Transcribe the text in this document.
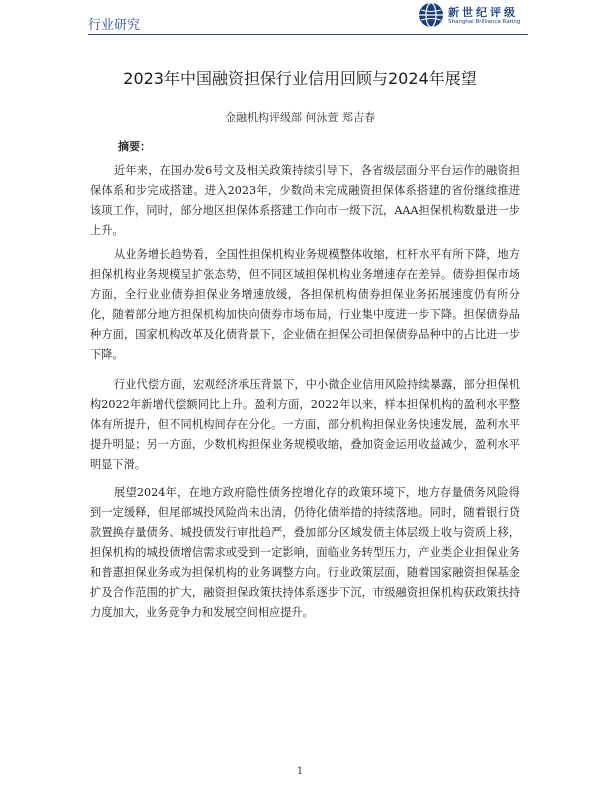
行业研究
新世纪评级
Shanghai Brilliance Rating
2023年中国融资担保行业信用回顾与2024年展望
金融机构评级部 何泳萱 郑吉春
摘要：

近年来，在国办发6号文及相关政策持续引导下，各省级层面分平台运作的融资担保体系和步完成搭建。进入2023年，少数尚未完成融资担保体系搭建的省份继续推进该项工作，同时，部分地区担保体系搭建工作向市一级下沉，AAA担保机构数量进一步上升。

从业务增长趋势看，全国性担保机构业务规模整体收缩，杠杆水平有所下降，地方担保机构业务规模呈扩张态势，但不同区域担保机构业务增速存在差异。债券担保市场方面，全行业业债券担保业务增速放缓，各担保机构债券担保业务拓展速度仍有所分化，随着部分地方担保机构加快向债券市场布局，行业集中度进一步下降。担保债券品种方面，国家机构改革及化债背景下，企业债在担保公司担保债券品种中的占比进一步下降。

行业代偿方面，宏观经济承压背景下，中小微企业信用风险持续暴露，部分担保机构2022年新增代偿额同比上升。盈利方面，2022年以来，样本担保机构的盈利水平整体有所提升，但不同机构间存在分化。一方面，部分机构担保业务快速发展，盈利水平提升明显；另一方面，少数机构担保业务规模收缩，叠加资金运用收益减少，盈利水平明显下滑。

展望2024年，在地方政府隐性债务控增化存的政策环境下，地方存量债务风险得到一定缓释，但尾部城投风险尚未出清，仍待化债举措的持续落地。同时，随着银行贷款置换存量债务、城投债发行审批趋严，叠加部分区域发债主体层级上收与资质上移，担保机构的城投债增信需求或受到一定影响，面临业务转型压力，产业类企业担保业务和普惠担保业务或为担保机构的业务调整方向。行业政策层面，随着国家融资担保基金扩及合作范围的扩大，融资担保政策扶持体系逐步下沉，市级融资担保机构获政策扶持力度加大，业务竞争力和发展空间相应提升。

1
